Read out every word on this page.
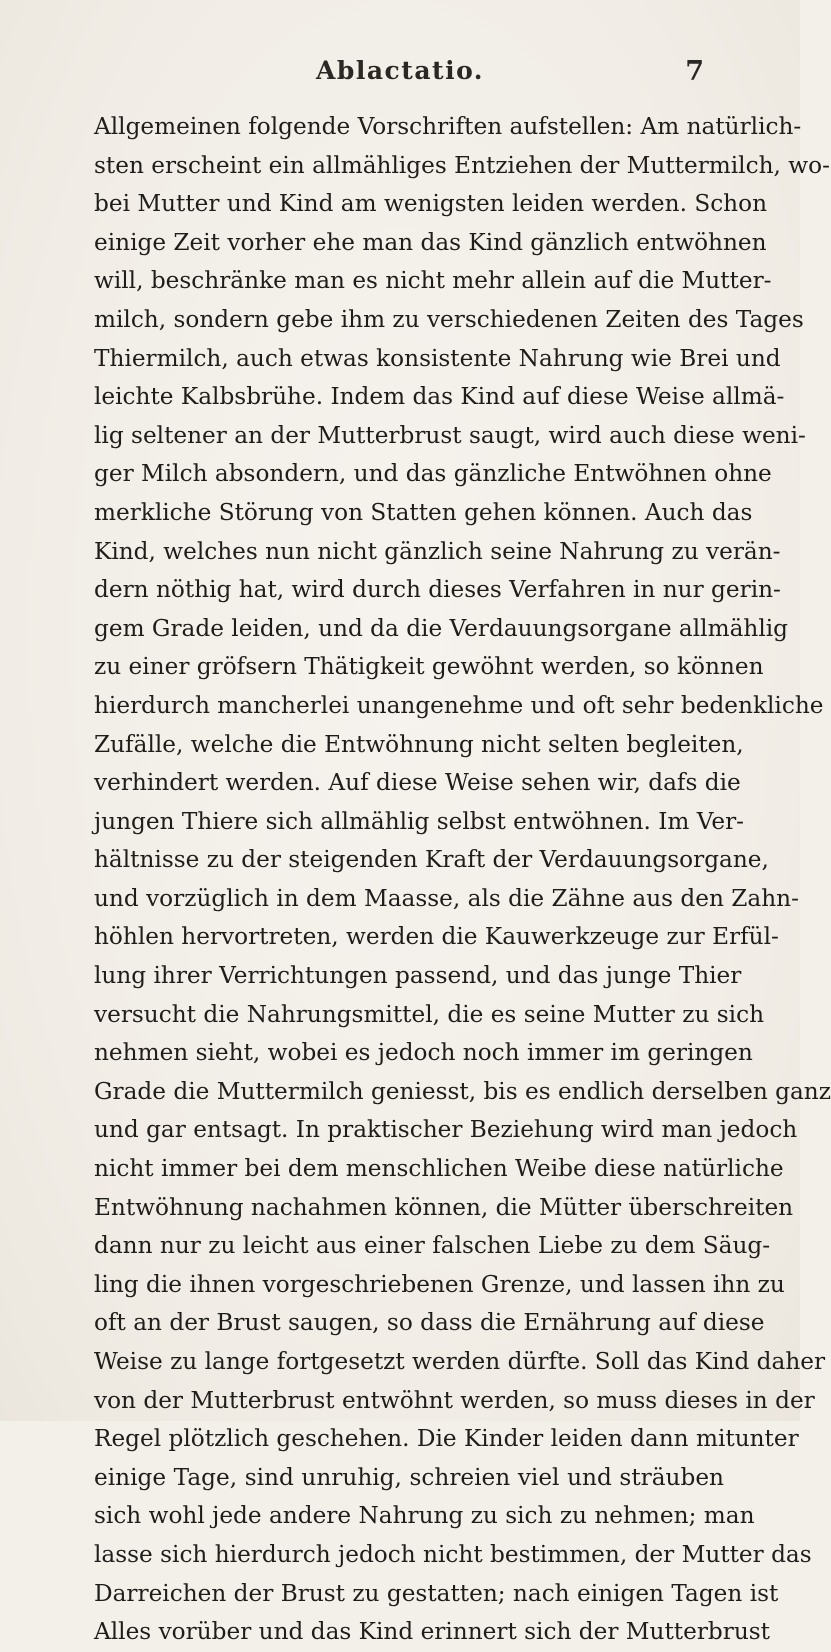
Ablactatio.	7
Allgemeinen folgende Vorschriften aufstellen: Am natürlich-
sten erscheint ein allmähliges Entziehen der Muttermilch, wo-
bei Mutter und Kind am wenigsten leiden werden. Schon
einige Zeit vorher ehe man das Kind gänzlich entwöhnen
will, beschränke man es nicht mehr allein auf die Mutter-
milch, sondern gebe ihm zu verschiedenen Zeiten des Tages
Thiermilch, auch etwas konsistente Nahrung wie Brei und
leichte Kalbsbrühe. Indem das Kind auf diese Weise allmä-
lig seltener an der Mutterbrust saugt, wird auch diese weni-
ger Milch absondern, und das gänzliche Entwöhnen ohne
merkliche Störung von Statten gehen können. Auch das
Kind, welches nun nicht gänzlich seine Nahrung zu verän-
dern nöthig hat, wird durch dieses Verfahren in nur gerin-
gem Grade leiden, und da die Verdauungsorgane allmählig
zu einer gröfsern Thätigkeit gewöhnt werden, so können
hierdurch mancherlei unangenehme und oft sehr bedenkliche
Zufälle, welche die Entwöhnung nicht selten begleiten,
verhindert werden. Auf diese Weise sehen wir, dafs die
jungen Thiere sich allmählig selbst entwöhnen. Im Ver-
hältnisse zu der steigenden Kraft der Verdauungsorgane,
und vorzüglich in dem Maasse, als die Zähne aus den Zahn-
höhlen hervortreten, werden die Kauwerkzeuge zur Erfül-
lung ihrer Verrichtungen passend, und das junge Thier
versucht die Nahrungsmittel, die es seine Mutter zu sich
nehmen sieht, wobei es jedoch noch immer im geringen
Grade die Muttermilch geniesst, bis es endlich derselben ganz
und gar entsagt. In praktischer Beziehung wird man jedoch
nicht immer bei dem menschlichen Weibe diese natürliche
Entwöhnung nachahmen können, die Mütter überschreiten
dann nur zu leicht aus einer falschen Liebe zu dem Säug-
ling die ihnen vorgeschriebenen Grenze, und lassen ihn zu
oft an der Brust saugen, so dass die Ernährung auf diese
Weise zu lange fortgesetzt werden dürfte. Soll das Kind daher
von der Mutterbrust entwöhnt werden, so muss dieses in der
Regel plötzlich geschehen. Die Kinder leiden dann mitunter
einige Tage, sind unruhig, schreien viel und sträuben
sich wohl jede andere Nahrung zu sich zu nehmen; man
lasse sich hierdurch jedoch nicht bestimmen, der Mutter das
Darreichen der Brust zu gestatten; nach einigen Tagen ist
Alles vorüber und das Kind erinnert sich der Mutterbrust
